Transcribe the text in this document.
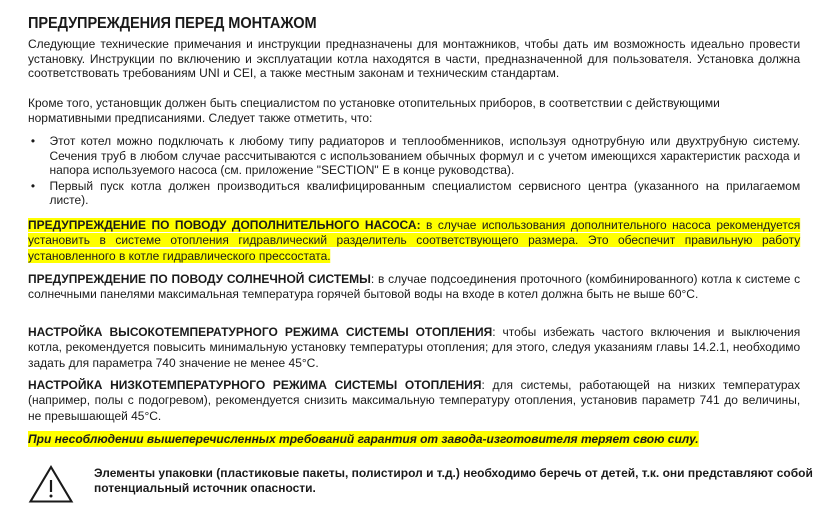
ПРЕДУПРЕЖДЕНИЯ ПЕРЕД МОНТАЖОМ
Следующие технические примечания и инструкции предназначены для монтажников, чтобы дать им возможность идеально провести установку. Инструкции по включению и эксплуатации котла находятся в части, предназначенной для пользователя. Установка должна соответствовать требованиям UNI и CEI, а также местным законам и техническим стандартам.
Кроме того, установщик должен быть специалистом по установке отопительных приборов, в соответствии с действующими нормативными предписаниями. Следует также отметить, что:
• Этот котел можно подключать к любому типу радиаторов и теплообменников, используя однотрубную или двухтрубную систему. Сечения труб в любом случае рассчитываются с использованием обычных формул и с учетом имеющихся характеристик расхода и напора используемого насоса (см. приложение "SECTION" E в конце руководства).
• Первый пуск котла должен производиться квалифицированным специалистом сервисного центра (указанного на прилагаемом листе).
ПРЕДУПРЕЖДЕНИЕ ПО ПОВОДУ ДОПОЛНИТЕЛЬНОГО НАСОСА: в случае использования дополнительного насоса рекомендуется установить в системе отопления гидравлический разделитель соответствующего размера. Это обеспечит правильную работу установленного в котле гидравлического прессостата.
ПРЕДУПРЕЖДЕНИЕ ПО ПОВОДУ СОЛНЕЧНОЙ СИСТЕМЫ: в случае подсоединения проточного (комбинированного) котла к системе с солнечными панелями максимальная температура горячей бытовой воды на входе в котел должна быть не выше 60°C.
НАСТРОЙКА ВЫСОКОТЕМПЕРАТУРНОГО РЕЖИМА СИСТЕМЫ ОТОПЛЕНИЯ: чтобы избежать частого включения и выключения котла, рекомендуется повысить минимальную установку температуры отопления; для этого, следуя указаниям главы 14.2.1, необходимо задать для параметра 740 значение не менее 45°C.
НАСТРОЙКА НИЗКОТЕМПЕРАТУРНОГО РЕЖИМА СИСТЕМЫ ОТОПЛЕНИЯ: для системы, работающей на низких температурах (например, полы с подогревом), рекомендуется снизить максимальную температуру отопления, установив параметр 741 до величины, не превышающей 45°C.
При несоблюдении вышеперечисленных требований гарантия от завода-изготовителя теряет свою силу.
Элементы упаковки (пластиковые пакеты, полистирол и т.д.) необходимо беречь от детей, т.к. они представляют собой потенциальный источник опасности.
